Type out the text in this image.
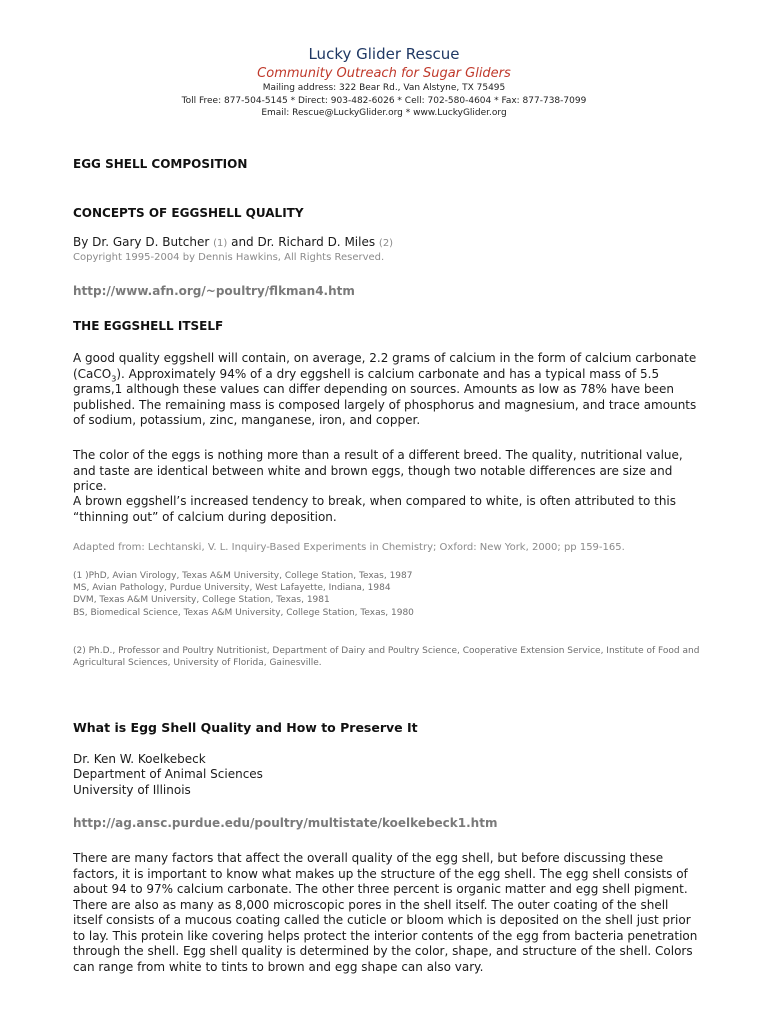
Lucky Glider Rescue
Community Outreach for Sugar Gliders
Mailing address: 322 Bear Rd., Van Alstyne, TX 75495
Toll Free: 877-504-5145 * Direct: 903-482-6026 * Cell: 702-580-4604 * Fax: 877-738-7099
Email: Rescue@LuckyGlider.org * www.LuckyGlider.org
EGG SHELL COMPOSITION
CONCEPTS OF EGGSHELL QUALITY
By Dr. Gary D. Butcher (1) and Dr. Richard D. Miles (2)
Copyright 1995-2004 by Dennis Hawkins, All Rights Reserved.
http://www.afn.org/~poultry/flkman4.htm
THE EGGSHELL ITSELF
A good quality eggshell will contain, on average, 2.2 grams of calcium in the form of calcium carbonate (CaCO$_3$). Approximately 94% of a dry eggshell is calcium carbonate and has a typical mass of 5.5 grams,1 although these values can differ depending on sources. Amounts as low as 78% have been published. The remaining mass is composed largely of phosphorus and magnesium, and trace amounts of sodium, potassium, zinc, manganese, iron, and copper.
The color of the eggs is nothing more than a result of a different breed. The quality, nutritional value, and taste are identical between white and brown eggs, though two notable differences are size and price.
A brown eggshell’s increased tendency to break, when compared to white, is often attributed to this “thinning out” of calcium during deposition.
Adapted from: Lechtanski, V. L. Inquiry-Based Experiments in Chemistry; Oxford: New York, 2000; pp 159-165.
(1 )PhD, Avian Virology, Texas A&M University, College Station, Texas, 1987
MS, Avian Pathology, Purdue University, West Lafayette, Indiana, 1984
DVM, Texas A&M University, College Station, Texas, 1981
BS, Biomedical Science, Texas A&M University, College Station, Texas, 1980
(2) Ph.D., Professor and Poultry Nutritionist, Department of Dairy and Poultry Science, Cooperative Extension Service, Institute of Food and Agricultural Sciences, University of Florida, Gainesville.
What is Egg Shell Quality and How to Preserve It
Dr. Ken W. Koelkebeck
Department of Animal Sciences
University of Illinois
http://ag.ansc.purdue.edu/poultry/multistate/koelkebeck1.htm
There are many factors that affect the overall quality of the egg shell, but before discussing these factors, it is important to know what makes up the structure of the egg shell. The egg shell consists of about 94 to 97% calcium carbonate. The other three percent is organic matter and egg shell pigment. There are also as many as 8,000 microscopic pores in the shell itself. The outer coating of the shell itself consists of a mucous coating called the cuticle or bloom which is deposited on the shell just prior to lay. This protein like covering helps protect the interior contents of the egg from bacteria penetration through the shell. Egg shell quality is determined by the color, shape, and structure of the shell. Colors can range from white to tints to brown and egg shape can also vary.
